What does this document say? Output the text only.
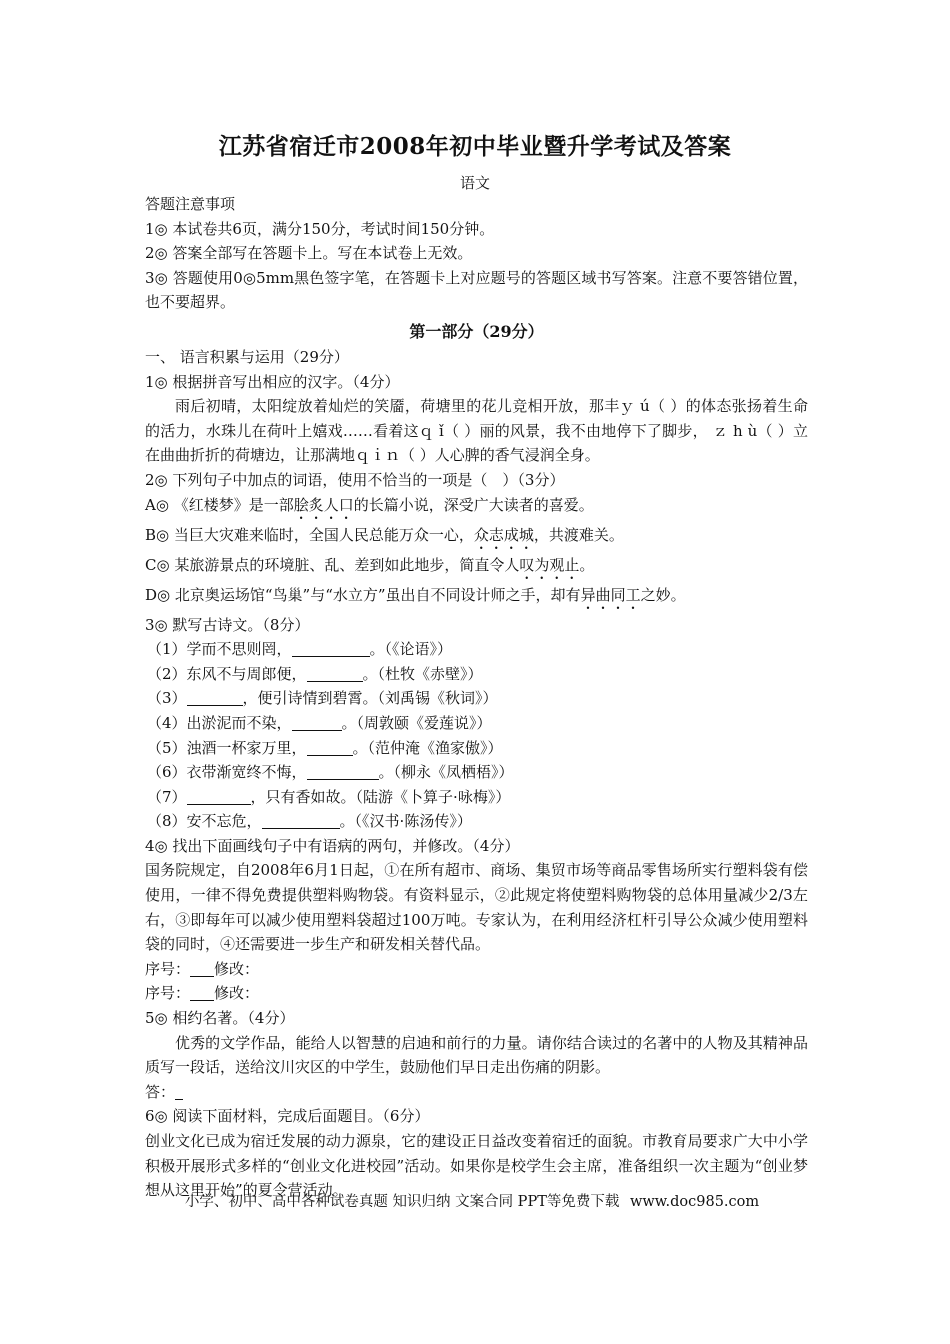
江苏省宿迁市2008年初中毕业暨升学考试及答案
语文

答题注意事项

1◎ 本试卷共6页，满分150分，考试时间150分钟。

2◎ 答案全部写在答题卡上。写在本试卷上无效。

3◎ 答题使用0◎5mm黑色签字笔，在答题卡上对应题号的答题区域书写答案。注意不要答错位置，也不要超界。

第一部分（29分）

一、 语言积累与运用（29分）

1◎ 根据拼音写出相应的汉字。（4分）

雨后初晴，太阳绽放着灿烂的笑靥，荷塘里的花儿竞相开放，那丰ｙ ú（ ）的体态张扬着生命的活力，水珠儿在荷叶上嬉戏……看着这ｑ ǐ（ ）丽的风景，我不由地停下了脚步， ｚ h ù（ ）立在曲曲折折的荷塘边，让那满地ｑｉｎ（ ）人心脾的香气浸润全身。

2◎ 下列句子中加点的词语，使用不恰当的一项是（　）（3分）

A◎ 《红楼梦》是一部脍炙人口的长篇小说，深受广大读者的喜爱。

B◎ 当巨大灾难来临时，全国人民总能万众一心，众志成城，共渡难关。

C◎ 某旅游景点的环境脏、乱、差到如此地步，简直令人叹为观止。

D◎ 北京奥运场馆“鸟巢”与“水立方”虽出自不同设计师之手，却有异曲同工之妙。

3◎ 默写古诗文。（8分）

（1）学而不思则罔，	。（《论语》）

（2）东风不与周郎便，	。（杜牧《赤壁》）

（3）	，便引诗情到碧霄。（刘禹锡《秋词》）

（4）出淤泥而不染，	。（周敦颐《爱莲说》）

（5）浊酒一杯家万里，	。（范仲淹《渔家傲》）

（6）衣带渐宽终不悔，	。（柳永《凤栖梧》）

（7）	，只有香如故。（陆游《卜算子·咏梅》）

（8）安不忘危，	。（《汉书·陈汤传》）

4◎ 找出下面画线句子中有语病的两句，并修改。（4分）

国务院规定，自2008年6月1日起，①在所有超市、商场、集贸市场等商品零售场所实行塑料袋有偿使用，一律不得免费提供塑料购物袋。有资料显示，②此规定将使塑料购物袋的总体用量减少2/3左右，③即每年可以减少使用塑料袋超过100万吨。专家认为，在利用经济杠杆引导公众减少使用塑料袋的同时，④还需要进一步生产和研发相关替代品。

序号： 修改：

序号： 修改：

5◎ 相约名著。（4分）

优秀的文学作品，能给人以智慧的启迪和前行的力量。请你结合读过的名著中的人物及其精神品质写一段话，送给汶川灾区的中学生，鼓励他们早日走出伤痛的阴影。

答：

6◎ 阅读下面材料，完成后面题目。（6分）

创业文化已成为宿迁发展的动力源泉，它的建设正日益改变着宿迁的面貌。市教育局要求广大中小学积极开展形式多样的“创业文化进校园”活动。如果你是校学生会主席，准备组织一次主题为“创业梦想从这里开始”的夏令营活动。

小学、初中、高中各种试卷真题 知识归纳 文案合同 PPT等免费下载 www.doc985.com
